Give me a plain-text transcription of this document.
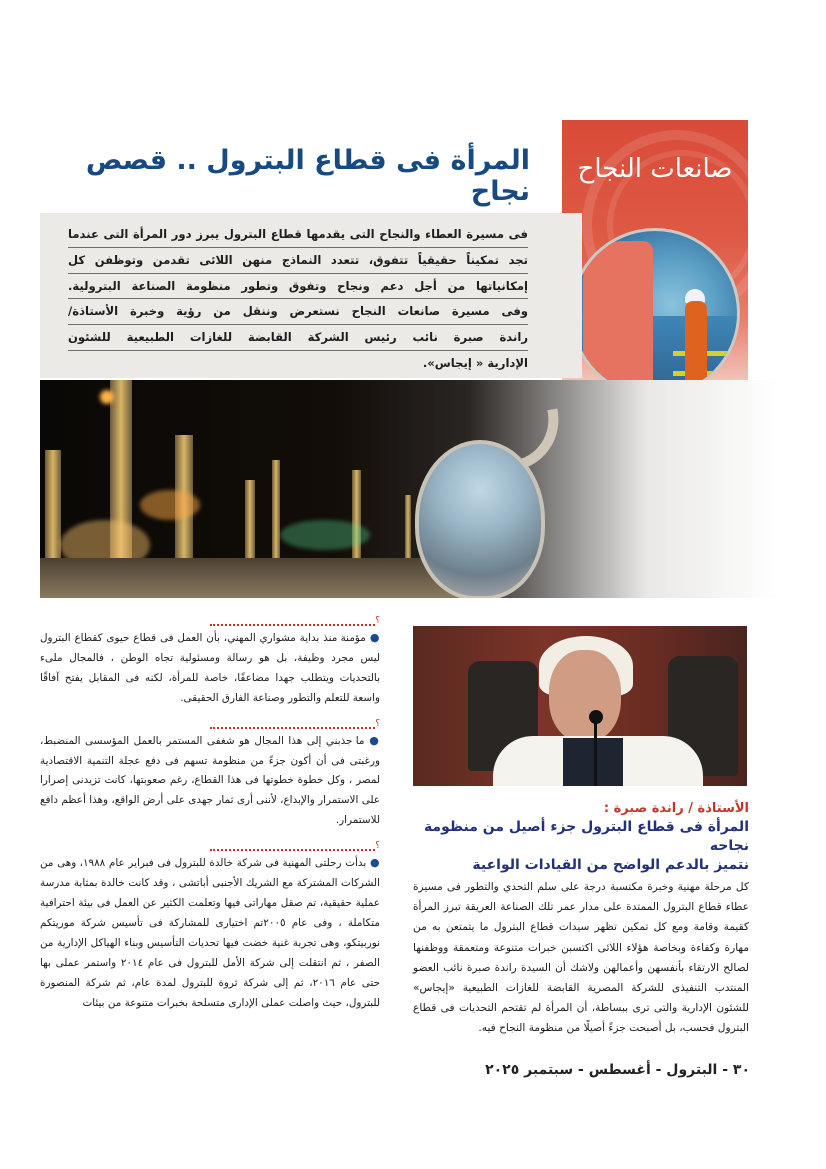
المرأة فى قطاع البترول .. قصص نجاح
صانعات النجاح
فى مسيرة العطاء والنجاح التى يقدمها قطاع البترول يبرز دور المرأة التى عندما
تجد تمكيناً حقيقياً تتفوق، تتعدد النماذج منهن اللائى تقدمن وتوظفن كل
إمكانياتها من أجل دعم ونجاح وتفوق وتطور منظومة الصناعة البترولية.
وفى مسيرة صانعات النجاح نستعرض وننقل من رؤية وخبرة الأستاذة/
راندة صبرة نائب رئيس الشركة القابضة للغازات الطبيعية للشئون
الإدارية « إيجاس».
؟

● مؤمنة منذ بداية مشواري المهني، بأن العمل فى قطاع حيوى كقطاع البترول ليس مجرد وظيفة، بل هو رسالة ومسئولية تجاه الوطن ، فالمجال ملىء بالتحديات ويتطلب جهدا مضاعفًا، خاصة للمرأة، لكنه فى المقابل يفتح آفاقًا واسعة للتعلم والتطور وصناعة الفارق الحقيقى.

؟

● ما جذبني إلى هذا المجال هو شغفى المستمر بالعمل المؤسسى المنضبط، ورغبتى فى أن أكون جزءً من منظومة تسهم فى دفع عجلة التنمية الاقتصادية لمصر ، وكل خطوة خطوتها فى هذا القطاع، رغم صعوبتها، كانت تزيدنى إصرارا على الاستمرار والإبداع، لأننى أرى ثمار جهدى على أرض الواقع، وهذا أعظم دافع للاستمرار.

؟

● بدأت رحلتى المهنية فى شركة خالدة للبترول فى فبراير عام ١٩٨٨، وهى من الشركات المشتركة مع الشريك الأجنبى أباتشى ، وقد كانت خالدة بمثابة مدرسة عملية حقيقية، تم صقل مهاراتى فيها وتعلمت الكثير عن العمل فى بيئة احترافية متكاملة ، وفى عام ٢٠٠٥تم اختيارى للمشاركة فى تأسيس شركة موريتكم نوربيتكو، وهى تجربة غنية خضت فيها تحديات التأسيس وبناء الهياكل الإدارية من الصفر ، ثم انتقلت إلى شركة الأمل للبترول فى عام ٢٠١٤ واستمر عملى بها حتى عام ٢٠١٦، ثم إلى شركة ثروة للبترول لمدة عام، ثم شركة المنصورة للبترول، حيث واصلت عملى الإدارى متسلحة بخبرات متنوعة من بيئات

الأستاذة / راندة صبرة :
المرأة فى قطاع البترول جزء أصيل من منظومة نجاحه
نتميز بالدعم الواضح من القيادات الواعية

كل مرحلة مهنية وخبرة مكتسبة درجة على سلم التحدي والتطور فى مسيرة عطاء قطاع البترول الممتدة على مدار عمر تلك الصناعة العريقة تبرز المرأة كقيمة وقامة ومع كل تمكين تظهر سيدات قطاع البترول ما يتمتعن به من مهارة وكفاءة وبخاصة هؤلاء اللائى اكتسبن خبرات متنوعة ومتعمقة ووظفنها لصالح الارتقاء بأنفسهن وأعمالهن ولاشك أن السيدة راندة صبرة نائب العضو المنتدب التنفيذى للشركة المصرية القابضة للغازات الطبيعية «إيجاس» للشئون الإدارية والتى ترى ببساطة، أن المرأة لم تقتحم التحديات فى قطاع البترول فحسب، بل أصبحت جزءً أصيلًا من منظومة النجاح فيه.

٣٠ - البترول - أغسطس - سبتمبر ٢٠٢٥
